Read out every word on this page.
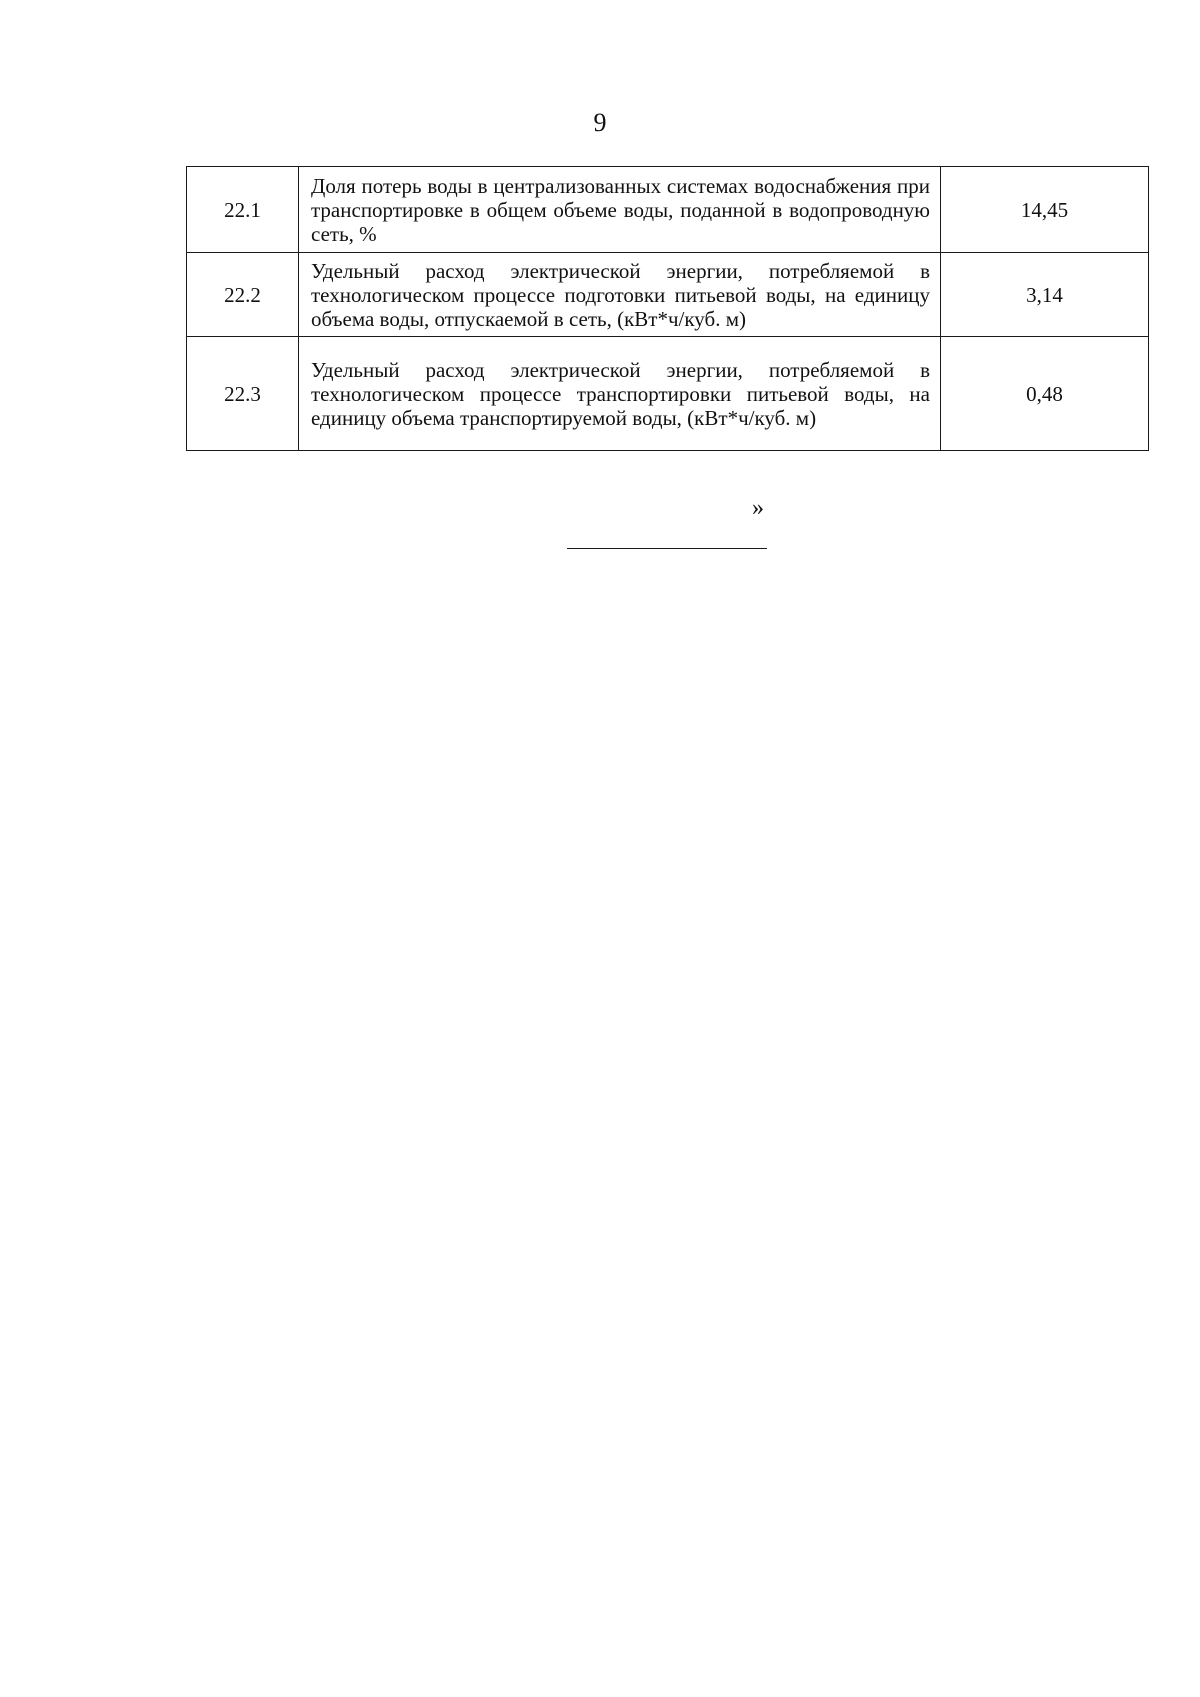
9
22.1	Доля потерь воды в централизованных системах водоснабжения при транспортировке в общем объеме воды, поданной в водопроводную сеть, %	14,45
22.2	Удельный расход электрической энергии, потребляемой в технологическом процессе подготовки питьевой воды, на единицу объема воды, отпускаемой в сеть, (кВт*ч/куб. м)	3,14
22.3	Удельный расход электрической энергии, потребляемой в технологическом процессе транспортировки питьевой воды, на единицу объема транспортируемой воды, (кВт*ч/куб. м)	0,48
»
